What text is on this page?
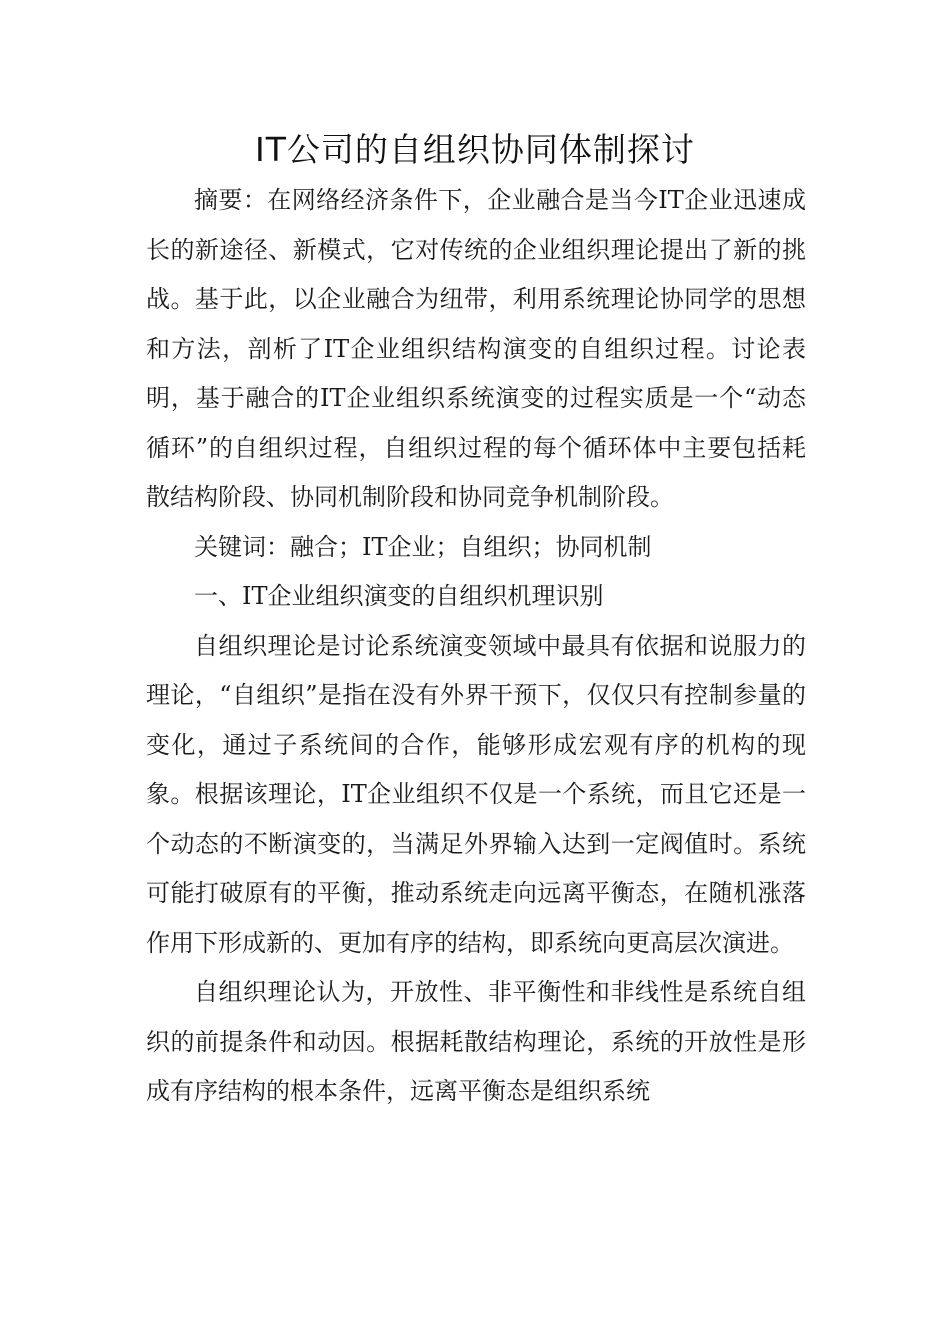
IT公司的自组织协同体制探讨

摘要：在网络经济条件下，企业融合是当今IT企业迅速成长的新途径、新模式，它对传统的企业组织理论提出了新的挑战。基于此，以企业融合为纽带，利用系统理论协同学的思想和方法，剖析了IT企业组织结构演变的自组织过程。讨论表明，基于融合的IT企业组织系统演变的过程实质是一个“动态循环”的自组织过程，自组织过程的每个循环体中主要包括耗散结构阶段、协同机制阶段和协同竞争机制阶段。

关键词：融合；IT企业；自组织；协同机制

一、IT企业组织演变的自组织机理识别

自组织理论是讨论系统演变领域中最具有依据和说服力的理论，“自组织”是指在没有外界干预下，仅仅只有控制参量的变化，通过子系统间的合作，能够形成宏观有序的机构的现象。根据该理论，IT企业组织不仅是一个系统，而且它还是一个动态的不断演变的，当满足外界输入达到一定阀值时。系统可能打破原有的平衡，推动系统走向远离平衡态，在随机涨落作用下形成新的、更加有序的结构，即系统向更高层次演进。

自组织理论认为，开放性、非平衡性和非线性是系统自组织的前提条件和动因。根据耗散结构理论，系统的开放性是形成有序结构的根本条件，远离平衡态是组织系统
